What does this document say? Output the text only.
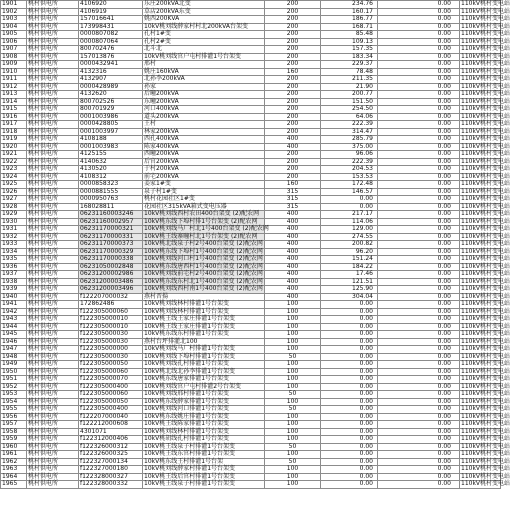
1901	桃村供电所	4106920	乐庄200kVA北变	200	234.76	0.00	110kV桃村变电站
1902	桃村供电所	4106919	草店200kVA东变	200	160.17	0.00	110kV桃村变电站
1903	桃村供电所	157016641	姚西200KVA	200	186.77	0.00	110kV桃村变电站
1904	桃村供电所	173998431	10kV桃刘线薛家村村北200kVA台架变	200	168.71	0.00	110kV桃村变电站
1905	桃村供电所	0000807082	孔村1#变	200	85.48	0.00	110kV桃村变电站
1906	桃村供电所	0000807064	孔村2#变	200	109.13	0.00	110kV桃村变电站
1907	桃村供电所	800702476	北斗北	200	157.35	0.00	110kV桃村变电站
1908	桃村供电所	157013876	10kV桃刘线官户屯村排灌1号台架变	200	183.34	0.00	110kV桃村变电站
1909	桃村供电所	0000432941	邢村	200	229.37	0.00	110kV桃村变电站
1910	桃村供电所	4132316	姚庄160kVA	160	78.48	0.00	110kV桃村变电站
1911	桃村供电所	4132907	北孙李200kVA	200	211.35	0.00	110kV桃村变电站
1912	桃村供电所	0000428989	孙家	200	21.90	0.00	110kV桃村变电站
1913	桃村供电所	4132620	后疃200kVA	200	200.77	0.00	110kV桃村变电站
1914	桃村供电所	800702526	东疃200kVA	200	151.50	0.00	110kV桃村变电站
1915	桃村供电所	800701929	河口400kVA	200	254.50	0.00	110kV桃村变电站
1916	桃村供电所	0001003986	道头200kVA	200	64.06	0.00	110kV桃村变电站
1917	桃村供电所	0000428805	王村	200	222.39	0.00	110kV桃村变电站
1918	桃村供电所	0001003997	林家200kVA	200	314.47	0.00	110kV桃村变电站
1919	桃村供电所	4108188	西孔400kVA	400	285.79	0.00	110kV桃村变电站
1920	桃村供电所	0001003983	陈家400kVA	400	375.00	0.00	110kV桃村变电站
1921	桃村供电所	4125155	西疃200kVA	200	96.06	0.00	110kV桃村变电站
1922	桃村供电所	4140632	后官200kVA	200	222.39	0.00	110kV桃村变电站
1923	桃村供电所	4130520	于村200kVA	200	204.53	0.00	110kV桃村变电站
1924	桃村供电所	4108312	前宅200kVA	200	153.53	0.00	110kV桃村变电站
1925	桃村供电所	0000858323	姜家1#变	160	172.48	0.00	110kV桃村变电站
1926	桃村供电所	0000881555	泉子村1#变	315	146.57	0.00	110kV桃村变电站
1927	桃村供电所	0000950763	桃村花园社区1#变	315	0.00	0.00	110kV桃村变电站
1928	桃村供电所	168028811	花园社区315kVA箱式变电压器	315	0.00	0.00	110kV桃村变电站
1929	桃村供电所	06231160003246	10kV桃刘线西村农田400台架变 (2)配农网	400	217.17	0.00	110kV桃村变电站
1930	桃村供电所	06231160002957	10kV桃东线下埠村排1号台架变 (2)配农网	400	114.06	0.00	110kV桃村变电站
1931	桃村供电所	06231170000321	10kV桃刘线马厂村北1号400台架变 (2)配农网	400	129.00	0.00	110kV桃村变电站
1932	桃村供电所	06231170000331	10kV桃王线寨疃村北1号台架变 (2)配农网	400	274.55	0.00	110kV桃村变电站
1933	桃村供电所	06231170000373	10kV桃北线泉子村2号400台架变 (2)配农网	400	200.82	0.00	110kV桃村变电站
1934	桃村供电所	06231170000329	10kV桃东线下埠村1号400台架变 (2)配农网	400	96.20	0.00	110kV桃村变电站
1935	桃村供电所	06231170000338	10kV桃刘线河口村1号400台架变 (2)配农网	400	151.24	0.00	110kV桃村变电站
1936	桃村供电所	06231050002848	10kV桃东线唐西村1号400台架变 (2)配农网	400	184.22	0.00	110kV桃村变电站
1937	桃村供电所	06231200002986	10kV桃刘线前宅村2号400台架变 (2)配农网	400	17.46	0.00	110kV桃村变电站
1938	桃村供电所	06231200003486	10kV桃东线东村北1号400台架变 (2)配农网	400	121.51	0.00	110kV桃村变电站
1939	桃村供电所	06231200003496	10kV桃刘线西村南1号400台架变 (2)配农网	400	125.90	0.00	110kV桃村变电站
1940	桃村供电所	f122207000032	燕村晋揚	400	304.04	0.00	110kV桃村变电站
1941	桃村供电所	172862486	10kV桃刘线林村排灌1号台架变	100	0.00	0.00	110kV桃村变电站
1942	桃村供电所	f122305000060	10kV桃刘线林村排灌1号台架变	100	0.00	0.00	110kV桃村变电站
1943	桃村供电所	f122305000010	10kV桃王线王家庄排灌1号台架变	100	0.00	0.00	110kV桃村变电站
1944	桃村供电所	f122305000010	10kV桃王线王家庄排灌1号台架变	100	0.00	0.00	110kV桃村变电站
1945	桃村供电所	f122305000030	10kV桃东线东村排灌1号台架变	100	0.00	0.00	110kV桃村变电站
1946	桃村供电所	f122305000030	燕村台坪排灌北100	100	0.00	0.00	110kV桃村变电站
1947	桃村供电所	f122305000000	10kV桃刘线马厂村排灌1号台架变	100	0.00	0.00	110kV桃村变电站
1948	桃村供电所	f122305000030	10kV桃刘线下埠村排灌1号台架变	50	0.00	0.00	110kV桃村变电站
1949	桃村供电所	f122305000050	10kV桃刘线孔村排灌1号台架变	100	0.00	0.00	110kV桃村变电站
1950	桃村供电所	f122305000060	10kV桃北线北孙李排灌1号台架变	100	0.00	0.00	110kV桃村变电站
1951	桃村供电所	f122305000070	10kV桃东线唐家排灌1号台架变	100	0.00	0.00	110kV桃村变电站
1952	桃村供电所	f122305000400	10kV桃刘线官户屯村排灌2号台架变	100	0.00	0.00	110kV桃村变电站
1953	桃村供电所	f122305000060	10kV桃刘线邢村排灌1号台架变	50	0.00	0.00	110kV桃村变电站
1954	桃村供电所	f122305000050	10kV桃东线薛家排灌1号台架变	100	0.00	0.00	110kV桃村变电站
1955	桃村供电所	f122305000400	10kV桃刘线河口排灌1号台架变	50	0.00	0.00	110kV桃村变电站
1956	桃村供电所	f122207000040	10kV桃东线姚庄排灌1号台架变	100	0.00	0.00	110kV桃村变电站
1957	桃村供电所	f122212000608	10kV桃王线陈家排灌1号台架变	100	0.00	0.00	110kV桃村变电站
1958	桃村供电所	4301071	10kV桃刘线林村排灌1号台架变	100	0.00	0.00	110kV桃村变电站
1959	桃村供电所	f122312000406	10kV桃胡线孔村排灌1号台架变	100	0.00	0.00	110kV桃村变电站
1960	桃村供电所	f122326000312	10kV桃王线泉子村排灌1号台架变	50	0.00	0.00	110kV桃村变电站
1961	桃村供电所	f122326000325	10kV桃王线东官村排灌1号台架变	100	0.00	0.00	110kV桃村变电站
1962	桃村供电所	f122327000134	10kV桃东线王村排灌1号台架	50	0.00	0.00	110kV桃村变电站
1963	桃村供电所	f122327000180	10kV桃刘线薛家村排灌1号台架变	100	0.00	0.00	110kV桃村变电站
1964	桃村供电所	f122328000327	10kV桃王线后官村排灌1号台架变	100	0.00	0.00	110kV桃村变电站
1965	桃村供电所	f122328000332	10kV桃王线泉子村排灌1号台架变	100	0.00	0.00	110kV桃村变电站
